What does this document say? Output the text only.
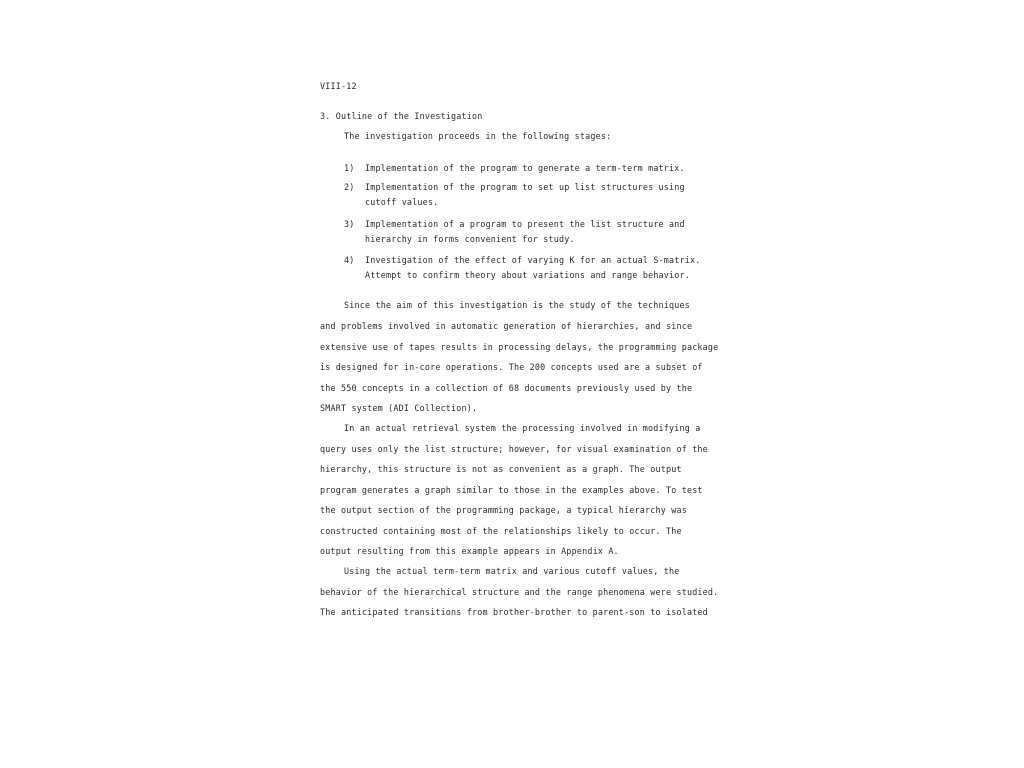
VIII-12
3. Outline of the Investigation
The investigation proceeds in the following stages:
1) Implementation of the program to generate a term-term matrix.
2) Implementation of the program to set up list structures using
cutoff values.
3) Implementation of a program to present the list structure and
hierarchy in forms convenient for study.
4) Investigation of the effect of varying K for an actual S-matrix.
Attempt to confirm theory about variations and range behavior.
Since the aim of this investigation is the study of the techniques
and problems involved in automatic generation of hierarchies, and since
extensive use of tapes results in processing delays, the programming package
is designed for in-core operations. The 200 concepts used are a subset of
the 550 concepts in a collection of 68 documents previously used by the
SMART system (ADI Collection).
In an actual retrieval system the processing involved in modifying a
query uses only the list structure; however, for visual examination of the
hierarchy, this structure is not as convenient as a graph. The output
program generates a graph similar to those in the examples above. To test
the output section of the programming package, a typical hierarchy was
constructed containing most of the relationships likely to occur. The
output resulting from this example appears in Appendix A.
Using the actual term-term matrix and various cutoff values, the
behavior of the hierarchical structure and the range phenomena were studied.
The anticipated transitions from brother-brother to parent-son to isolated
